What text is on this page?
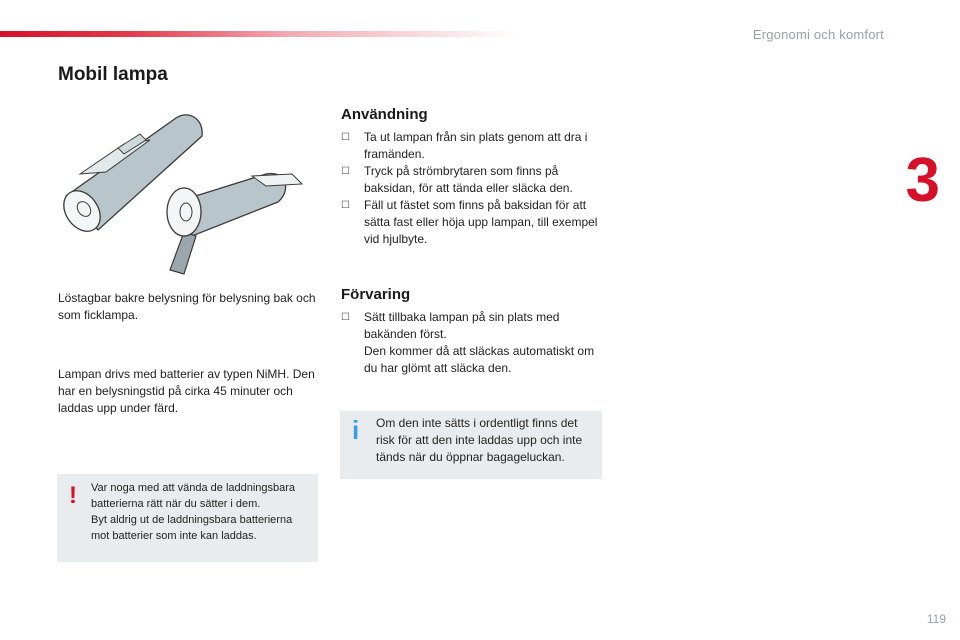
Ergonomi och komfort
3
Mobil lampa

Löstagbar bakre belysning för belysning bak och som ficklampa.

Lampan drivs med batterier av typen NiMH. Den har en belysningstid på cirka 45 minuter och laddas upp under färd.

! Var noga med att vända de laddningsbara batterierna rätt när du sätter i dem.
Byt aldrig ut de laddningsbara batterierna mot batterier som inte kan laddas.

Användning
☐ Ta ut lampan från sin plats genom att dra i framänden.
☐ Tryck på strömbrytaren som finns på baksidan, för att tända eller släcka den.
☐ Fäll ut fästet som finns på baksidan för att sätta fast eller höja upp lampan, till exempel vid hjulbyte.
Förvaring
☐ Sätt tillbaka lampan på sin plats med bakänden först.
Den kommer då att släckas automatiskt om du har glömt att släcka den.
i Om den inte sätts i ordentligt finns det risk för att den inte laddas upp och inte tänds när du öppnar bagageluckan.

119
